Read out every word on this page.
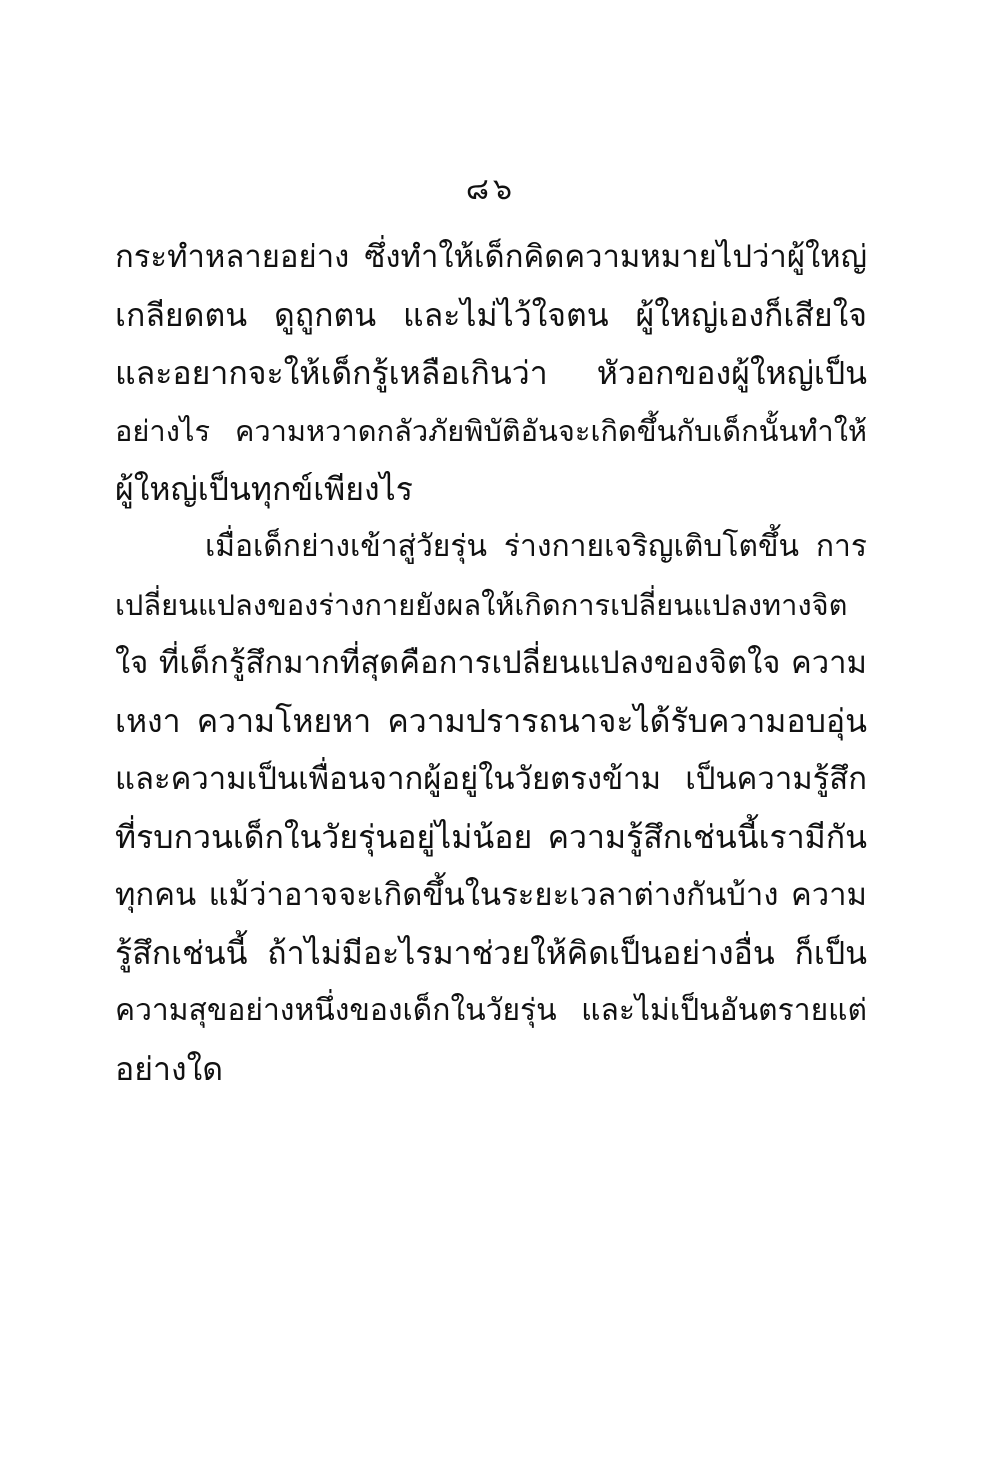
๘๖
กระทำหลายอย่าง ซึ่งทำให้เด็กคิดความหมายไปว่าผู้ใหญ่
เกลียดตน ดูถูกตน และไม่ไว้ใจตน ผู้ใหญ่เองก็เสียใจ
และอยากจะให้เด็กรู้เหลือเกินว่า หัวอกของผู้ใหญ่เป็น
อย่างไร ความหวาดกลัวภัยพิบัติอันจะเกิดขึ้นกับเด็กนั้นทำให้
ผู้ใหญ่เป็นทุกข์เพียงไร
เมื่อเด็กย่างเข้าสู่วัยรุ่น ร่างกายเจริญเติบโตขึ้น การ
เปลี่ยนแปลงของร่างกายยังผลให้เกิดการเปลี่ยนแปลงทางจิต
ใจ ที่เด็กรู้สึกมากที่สุดคือการเปลี่ยนแปลงของจิตใจ ความ
เหงา ความโหยหา ความปรารถนาจะได้รับความอบอุ่น
และความเป็นเพื่อนจากผู้อยู่ในวัยตรงข้าม เป็นความรู้สึก
ที่รบกวนเด็กในวัยรุ่นอยู่ไม่น้อย ความรู้สึกเช่นนี้เรามีกัน
ทุกคน แม้ว่าอาจจะเกิดขึ้นในระยะเวลาต่างกันบ้าง ความ
รู้สึกเช่นนี้ ถ้าไม่มีอะไรมาช่วยให้คิดเป็นอย่างอื่น ก็เป็น
ความสุขอย่างหนึ่งของเด็กในวัยรุ่น และไม่เป็นอันตรายแต่
อย่างใด
